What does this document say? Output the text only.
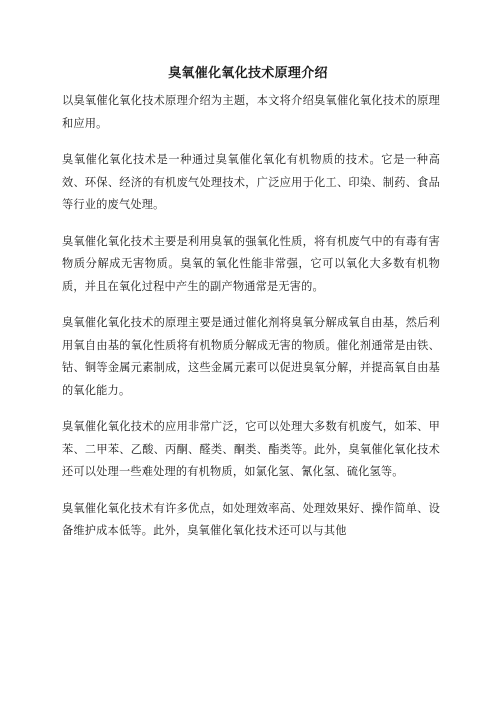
臭氧催化氧化技术原理介绍

以臭氧催化氧化技术原理介绍为主题，本文将介绍臭氧催化氧化技术的原理和应用。

臭氧催化氧化技术是一种通过臭氧催化氧化有机物质的技术。它是一种高效、环保、经济的有机废气处理技术，广泛应用于化工、印染、制药、食品等行业的废气处理。

臭氧催化氧化技术主要是利用臭氧的强氧化性质，将有机废气中的有毒有害物质分解成无害物质。臭氧的氧化性能非常强，它可以氧化大多数有机物质，并且在氧化过程中产生的副产物通常是无害的。

臭氧催化氧化技术的原理主要是通过催化剂将臭氧分解成氧自由基，然后利用氧自由基的氧化性质将有机物质分解成无害的物质。催化剂通常是由铁、钴、铜等金属元素制成，这些金属元素可以促进臭氧分解，并提高氧自由基的氧化能力。

臭氧催化氧化技术的应用非常广泛，它可以处理大多数有机废气，如苯、甲苯、二甲苯、乙酸、丙酮、醛类、酮类、酯类等。此外，臭氧催化氧化技术还可以处理一些难处理的有机物质，如氯化氢、氰化氢、硫化氢等。

臭氧催化氧化技术有许多优点，如处理效率高、处理效果好、操作简单、设备维护成本低等。此外，臭氧催化氧化技术还可以与其他
